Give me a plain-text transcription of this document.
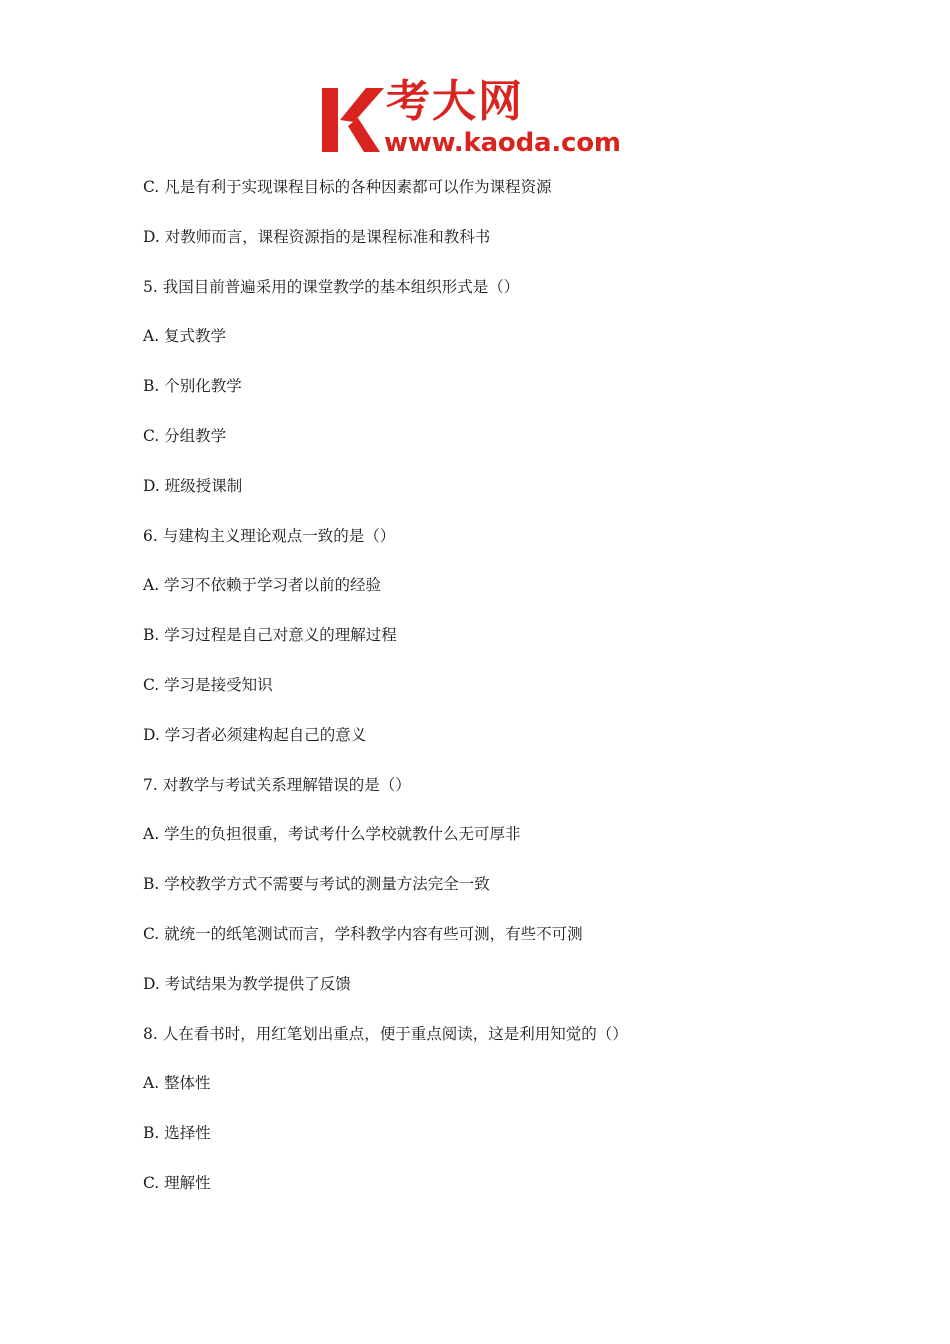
考大网
www.kaoda.com
C. 凡是有利于实现课程目标的各种因素都可以作为课程资源
D. 对教师而言，课程资源指的是课程标准和教科书
5. 我国目前普遍采用的课堂教学的基本组织形式是（）
A. 复式教学
B. 个别化教学
C. 分组教学
D. 班级授课制
6. 与建构主义理论观点一致的是（）
A. 学习不依赖于学习者以前的经验
B. 学习过程是自己对意义的理解过程
C. 学习是接受知识
D. 学习者必须建构起自己的意义
7. 对教学与考试关系理解错误的是（）
A. 学生的负担很重，考试考什么学校就教什么无可厚非
B. 学校教学方式不需要与考试的测量方法完全一致
C. 就统一的纸笔测试而言，学科教学内容有些可测，有些不可测
D. 考试结果为教学提供了反馈
8. 人在看书时，用红笔划出重点，便于重点阅读，这是利用知觉的（）
A. 整体性
B. 选择性
C. 理解性
